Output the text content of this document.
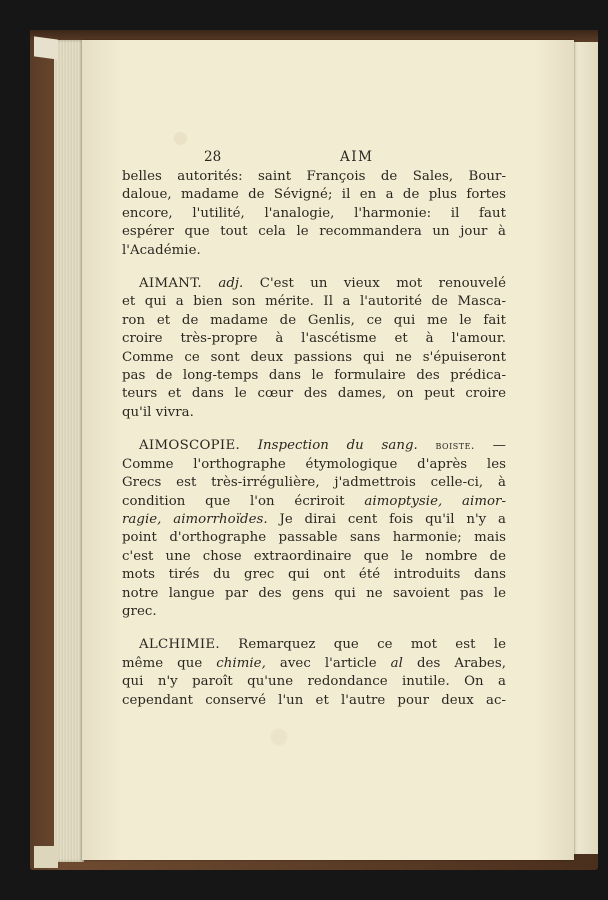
28	AIM

belles autorités: saint François de Sales, Bour-
daloue, madame de Sévigné; il en a de plus fortes
encore, l'utilité, l'analogie, l'harmonie: il faut
espérer que tout cela le recommandera un jour à
l'Académie.

AIMANT. adj. C'est un vieux mot renouvelé
et qui a bien son mérite. Il a l'autorité de Masca-
ron et de madame de Genlis, ce qui me le fait
croire très-propre à l'ascétisme et à l'amour.
Comme ce sont deux passions qui ne s'épuiseront
pas de long-temps dans le formulaire des prédica-
teurs et dans le cœur des dames, on peut croire
qu'il vivra.

AIMOSCOPIE. Inspection du sang. boiste. —
Comme l'orthographe étymologique d'après les
Grecs est très-irrégulière, j'admettrois celle-ci, à
condition que l'on écriroit aimoptysie, aimor-
ragie, aimorrhoïdes. Je dirai cent fois qu'il n'y a
point d'orthographe passable sans harmonie; mais
c'est une chose extraordinaire que le nombre de
mots tirés du grec qui ont été introduits dans
notre langue par des gens qui ne savoient pas le
grec.

ALCHIMIE. Remarquez que ce mot est le
même que chimie, avec l'article al des Arabes,
qui n'y paroît qu'une redondance inutile. On a
cependant conservé l'un et l'autre pour deux ac-
